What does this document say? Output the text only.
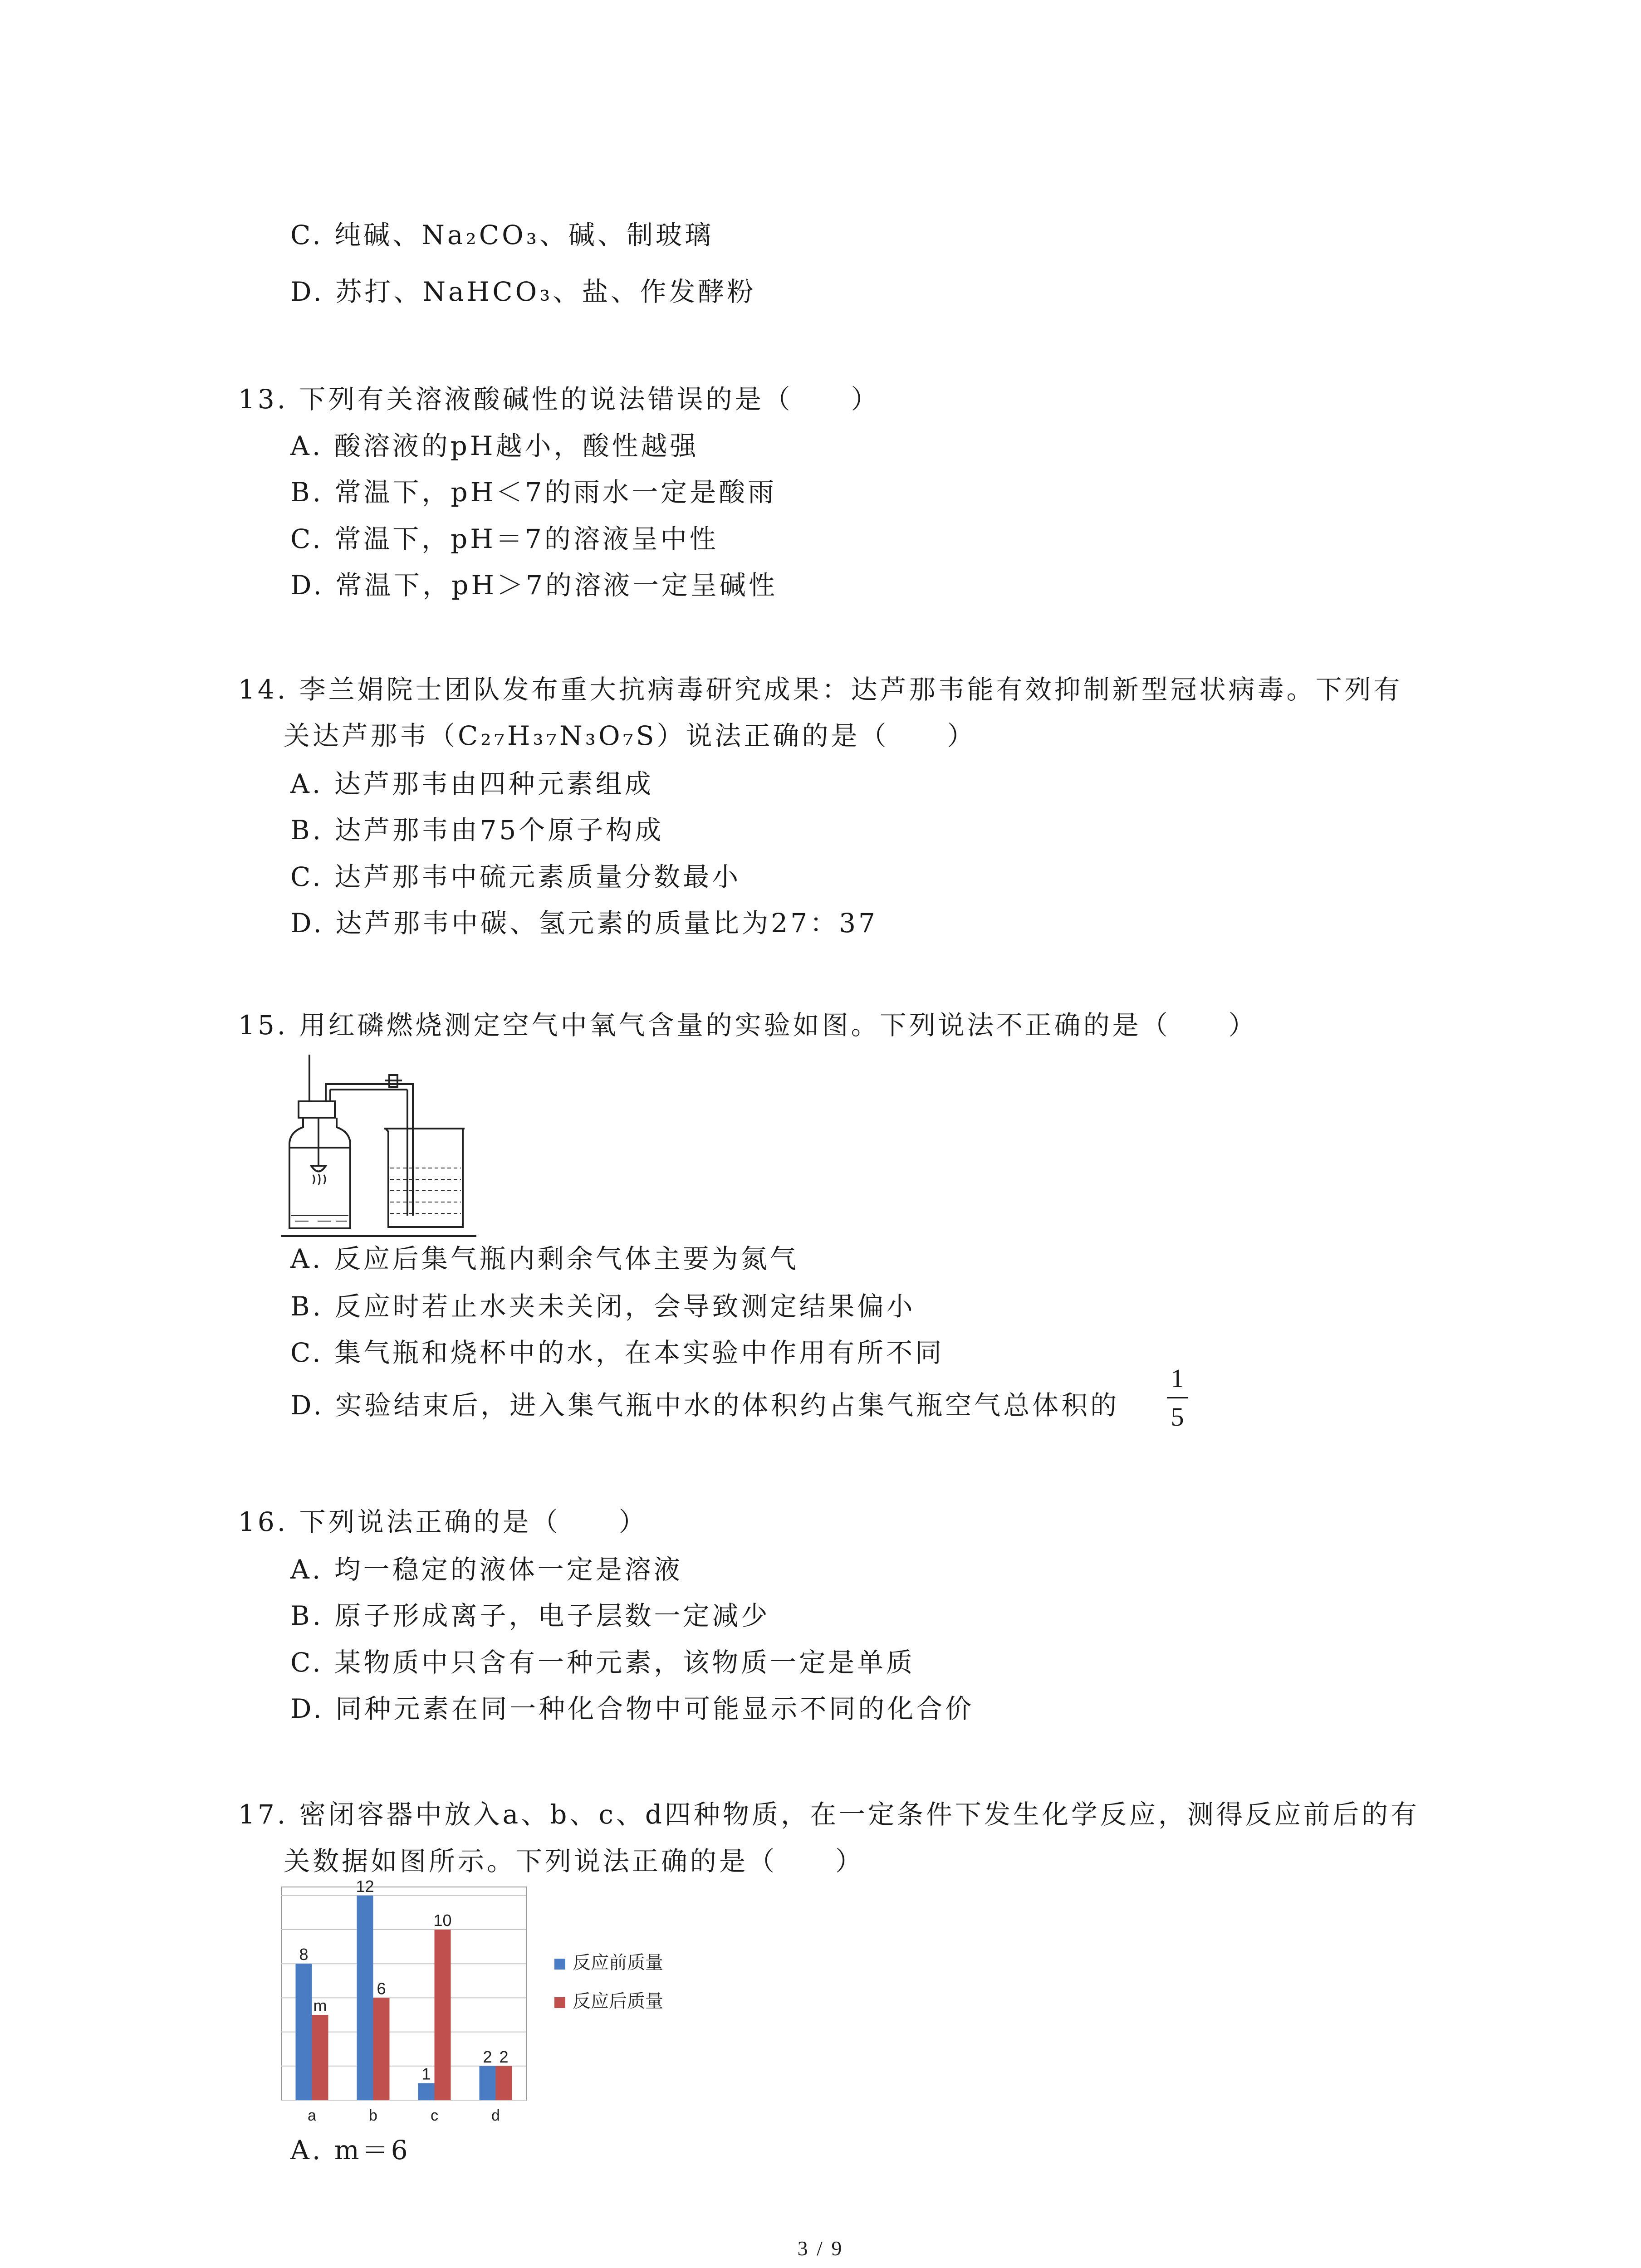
C. 纯碱、Na₂CO₃、碱、制玻璃
D. 苏打、NaHCO₃、盐、作发酵粉
13. 下列有关溶液酸碱性的说法错误的是（　　）
A. 酸溶液的pH越小，酸性越强
B. 常温下，pH＜7的雨水一定是酸雨
C. 常温下，pH＝7的溶液呈中性
D. 常温下，pH＞7的溶液一定呈碱性
14. 李兰娟院士团队发布重大抗病毒研究成果：达芦那韦能有效抑制新型冠状病毒。下列有
关达芦那韦（C₂₇H₃₇N₃O₇S）说法正确的是（　　）
A. 达芦那韦由四种元素组成
B. 达芦那韦由75个原子构成
C. 达芦那韦中硫元素质量分数最小
D. 达芦那韦中碳、氢元素的质量比为27：37
15. 用红磷燃烧测定空气中氧气含量的实验如图。下列说法不正确的是（　　）
A. 反应后集气瓶内剩余气体主要为氮气
B. 反应时若止水夹未关闭，会导致测定结果偏小
C. 集气瓶和烧杯中的水，在本实验中作用有所不同
D. 实验结束后，进入集气瓶中水的体积约占集气瓶空气总体积的
1
5
16. 下列说法正确的是（　　）
A. 均一稳定的液体一定是溶液
B. 原子形成离子，电子层数一定减少
C. 某物质中只含有一种元素，该物质一定是单质
D. 同种元素在同一种化合物中可能显示不同的化合价
17. 密闭容器中放入a、b、c、d四种物质，在一定条件下发生化学反应，测得反应前后的有
关数据如图所示。下列说法正确的是（　　）
8
m
12
6
1
10
2 2
a	b	c	d
反应前质量
反应后质量
A. m＝6
3 / 9
